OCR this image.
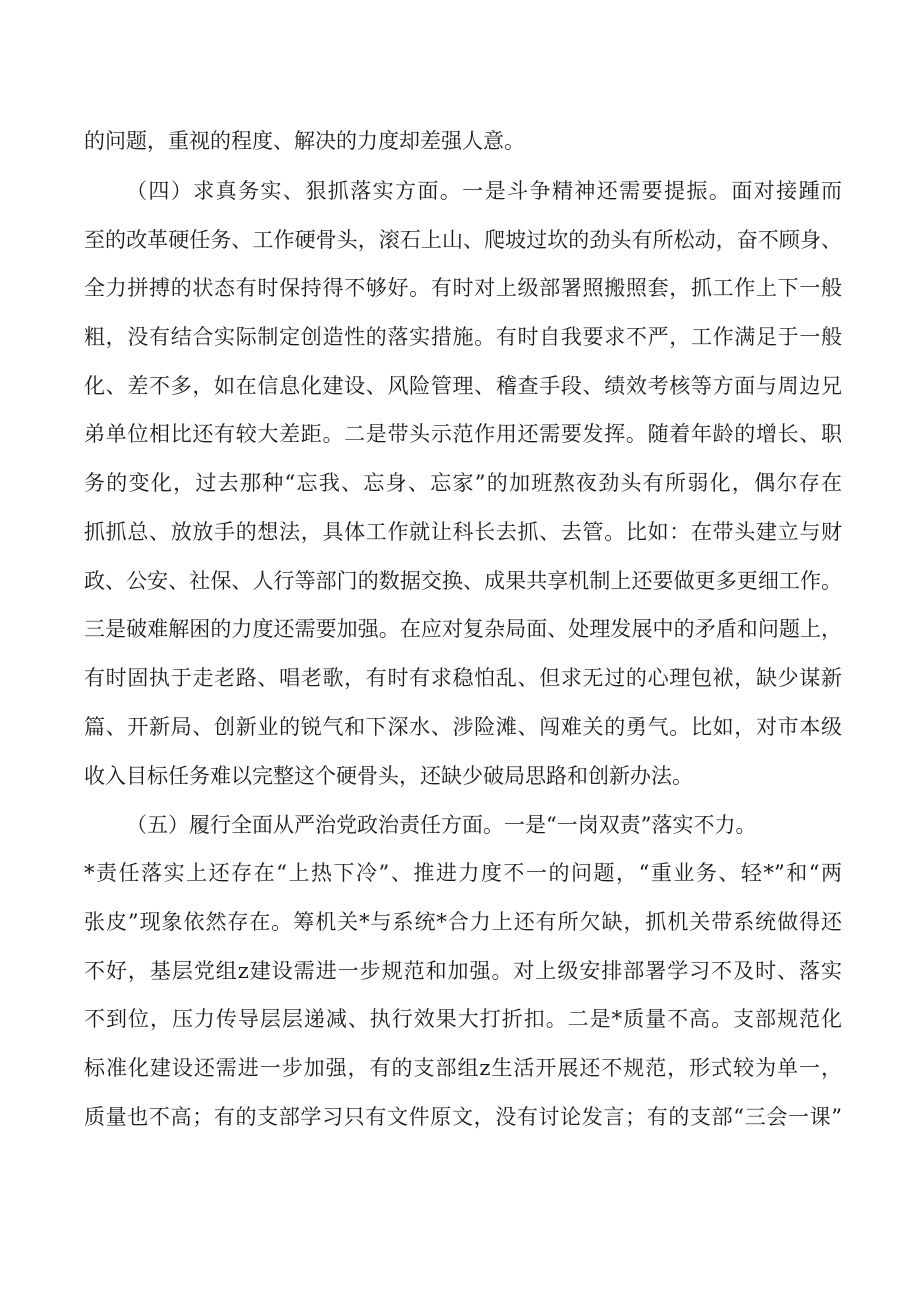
的问题，重视的程度、解决的力度却差强人意。
（四）求真务实、狠抓落实方面。一是斗争精神还需要提振。面对接踵而
至的改革硬任务、工作硬骨头，滚石上山、爬坡过坎的劲头有所松动，奋不顾身、
全力拼搏的状态有时保持得不够好。有时对上级部署照搬照套，抓工作上下一般
粗，没有结合实际制定创造性的落实措施。有时自我要求不严，工作满足于一般
化、差不多，如在信息化建设、风险管理、稽查手段、绩效考核等方面与周边兄
弟单位相比还有较大差距。二是带头示范作用还需要发挥。随着年龄的增长、职
务的变化，过去那种“忘我、忘身、忘家”的加班熬夜劲头有所弱化，偶尔存在
抓抓总、放放手的想法，具体工作就让科长去抓、去管。比如：在带头建立与财
政、公安、社保、人行等部门的数据交换、成果共享机制上还要做更多更细工作。
三是破难解困的力度还需要加强。在应对复杂局面、处理发展中的矛盾和问题上，
有时固执于走老路、唱老歌，有时有求稳怕乱、但求无过的心理包袱，缺少谋新
篇、开新局、创新业的锐气和下深水、涉险滩、闯难关的勇气。比如，对市本级
收入目标任务难以完整这个硬骨头，还缺少破局思路和创新办法。
（五）履行全面从严治党政治责任方面。一是“一岗双责”落实不力。
*责任落实上还存在“上热下冷”、推进力度不一的问题，“重业务、轻*”和“两
张皮”现象依然存在。筹机关*与系统*合力上还有所欠缺，抓机关带系统做得还
不好，基层党组z建设需进一步规范和加强。对上级安排部署学习不及时、落实
不到位，压力传导层层递减、执行效果大打折扣。二是*质量不高。支部规范化
标准化建设还需进一步加强，有的支部组z生活开展还不规范，形式较为单一，
质量也不高；有的支部学习只有文件原文，没有讨论发言；有的支部“三会一课”
